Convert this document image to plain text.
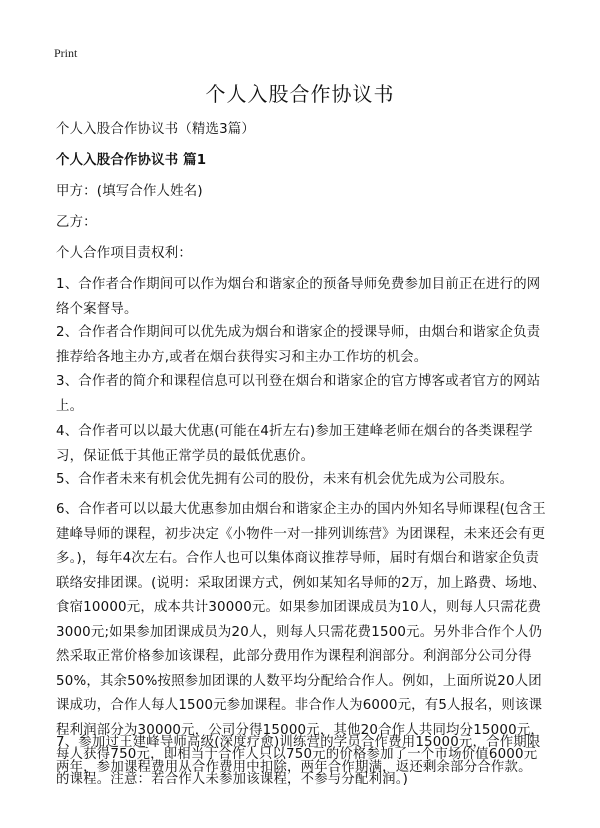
Print
个人入股合作协议书

个人入股合作协议书（精选3篇）

个人入股合作协议书 篇1

甲方：(填写合作人姓名)

乙方：

个人合作项目责权利：

1、合作者合作期间可以作为烟台和谐家企的预备导师免费参加目前正在进行的网络个案督导。

2、合作者合作期间可以优先成为烟台和谐家企的授课导师，由烟台和谐家企负责推荐给各地主办方,或者在烟台获得实习和主办工作坊的机会。

3、合作者的简介和课程信息可以刊登在烟台和谐家企的官方博客或者官方的网站上。

4、合作者可以以最大优惠(可能在4折左右)参加王建峰老师在烟台的各类课程学习，保证低于其他正常学员的最低优惠价。

5、合作者未来有机会优先拥有公司的股份，未来有机会优先成为公司股东。

6、合作者可以以最大优惠参加由烟台和谐家企主办的国内外知名导师课程(包含王建峰导师的课程，初步决定《小物件一对一排列训练营》为团课程，未来还会有更多。)，每年4次左右。合作人也可以集体商议推荐导师，届时有烟台和谐家企负责联络安排团课。(说明：采取团课方式，例如某知名导师的2万，加上路费、场地、食宿10000元，成本共计30000元。如果参加团课成员为10人，则每人只需花费3000元;如果参加团课成员为20人，则每人只需花费1500元。另外非合作个人仍然采取正常价格参加该课程，此部分费用作为课程利润部分。利润部分公司分得50%，其余50%按照参加团课的人数平均分配给合作人。例如，上面所说20人团课成功，合作人每人1500元参加课程。非合作人为6000元，有5人报名，则该课程利润部分为30000元，公司分得15000元，其他20合作人共同均分15000元，每人获得750元，即相当于合作人只以750元的价格参加了一个市场价值6000元的课程。注意：若合作人未参加该课程，不参与分配利润。)

7、参加过王建峰导师高级(深度疗愈)训练营的学员合作费用15000元，合作期限两年，参加课程费用从合作费用中扣除，两年合作期满，返还剩余部分合作款。
